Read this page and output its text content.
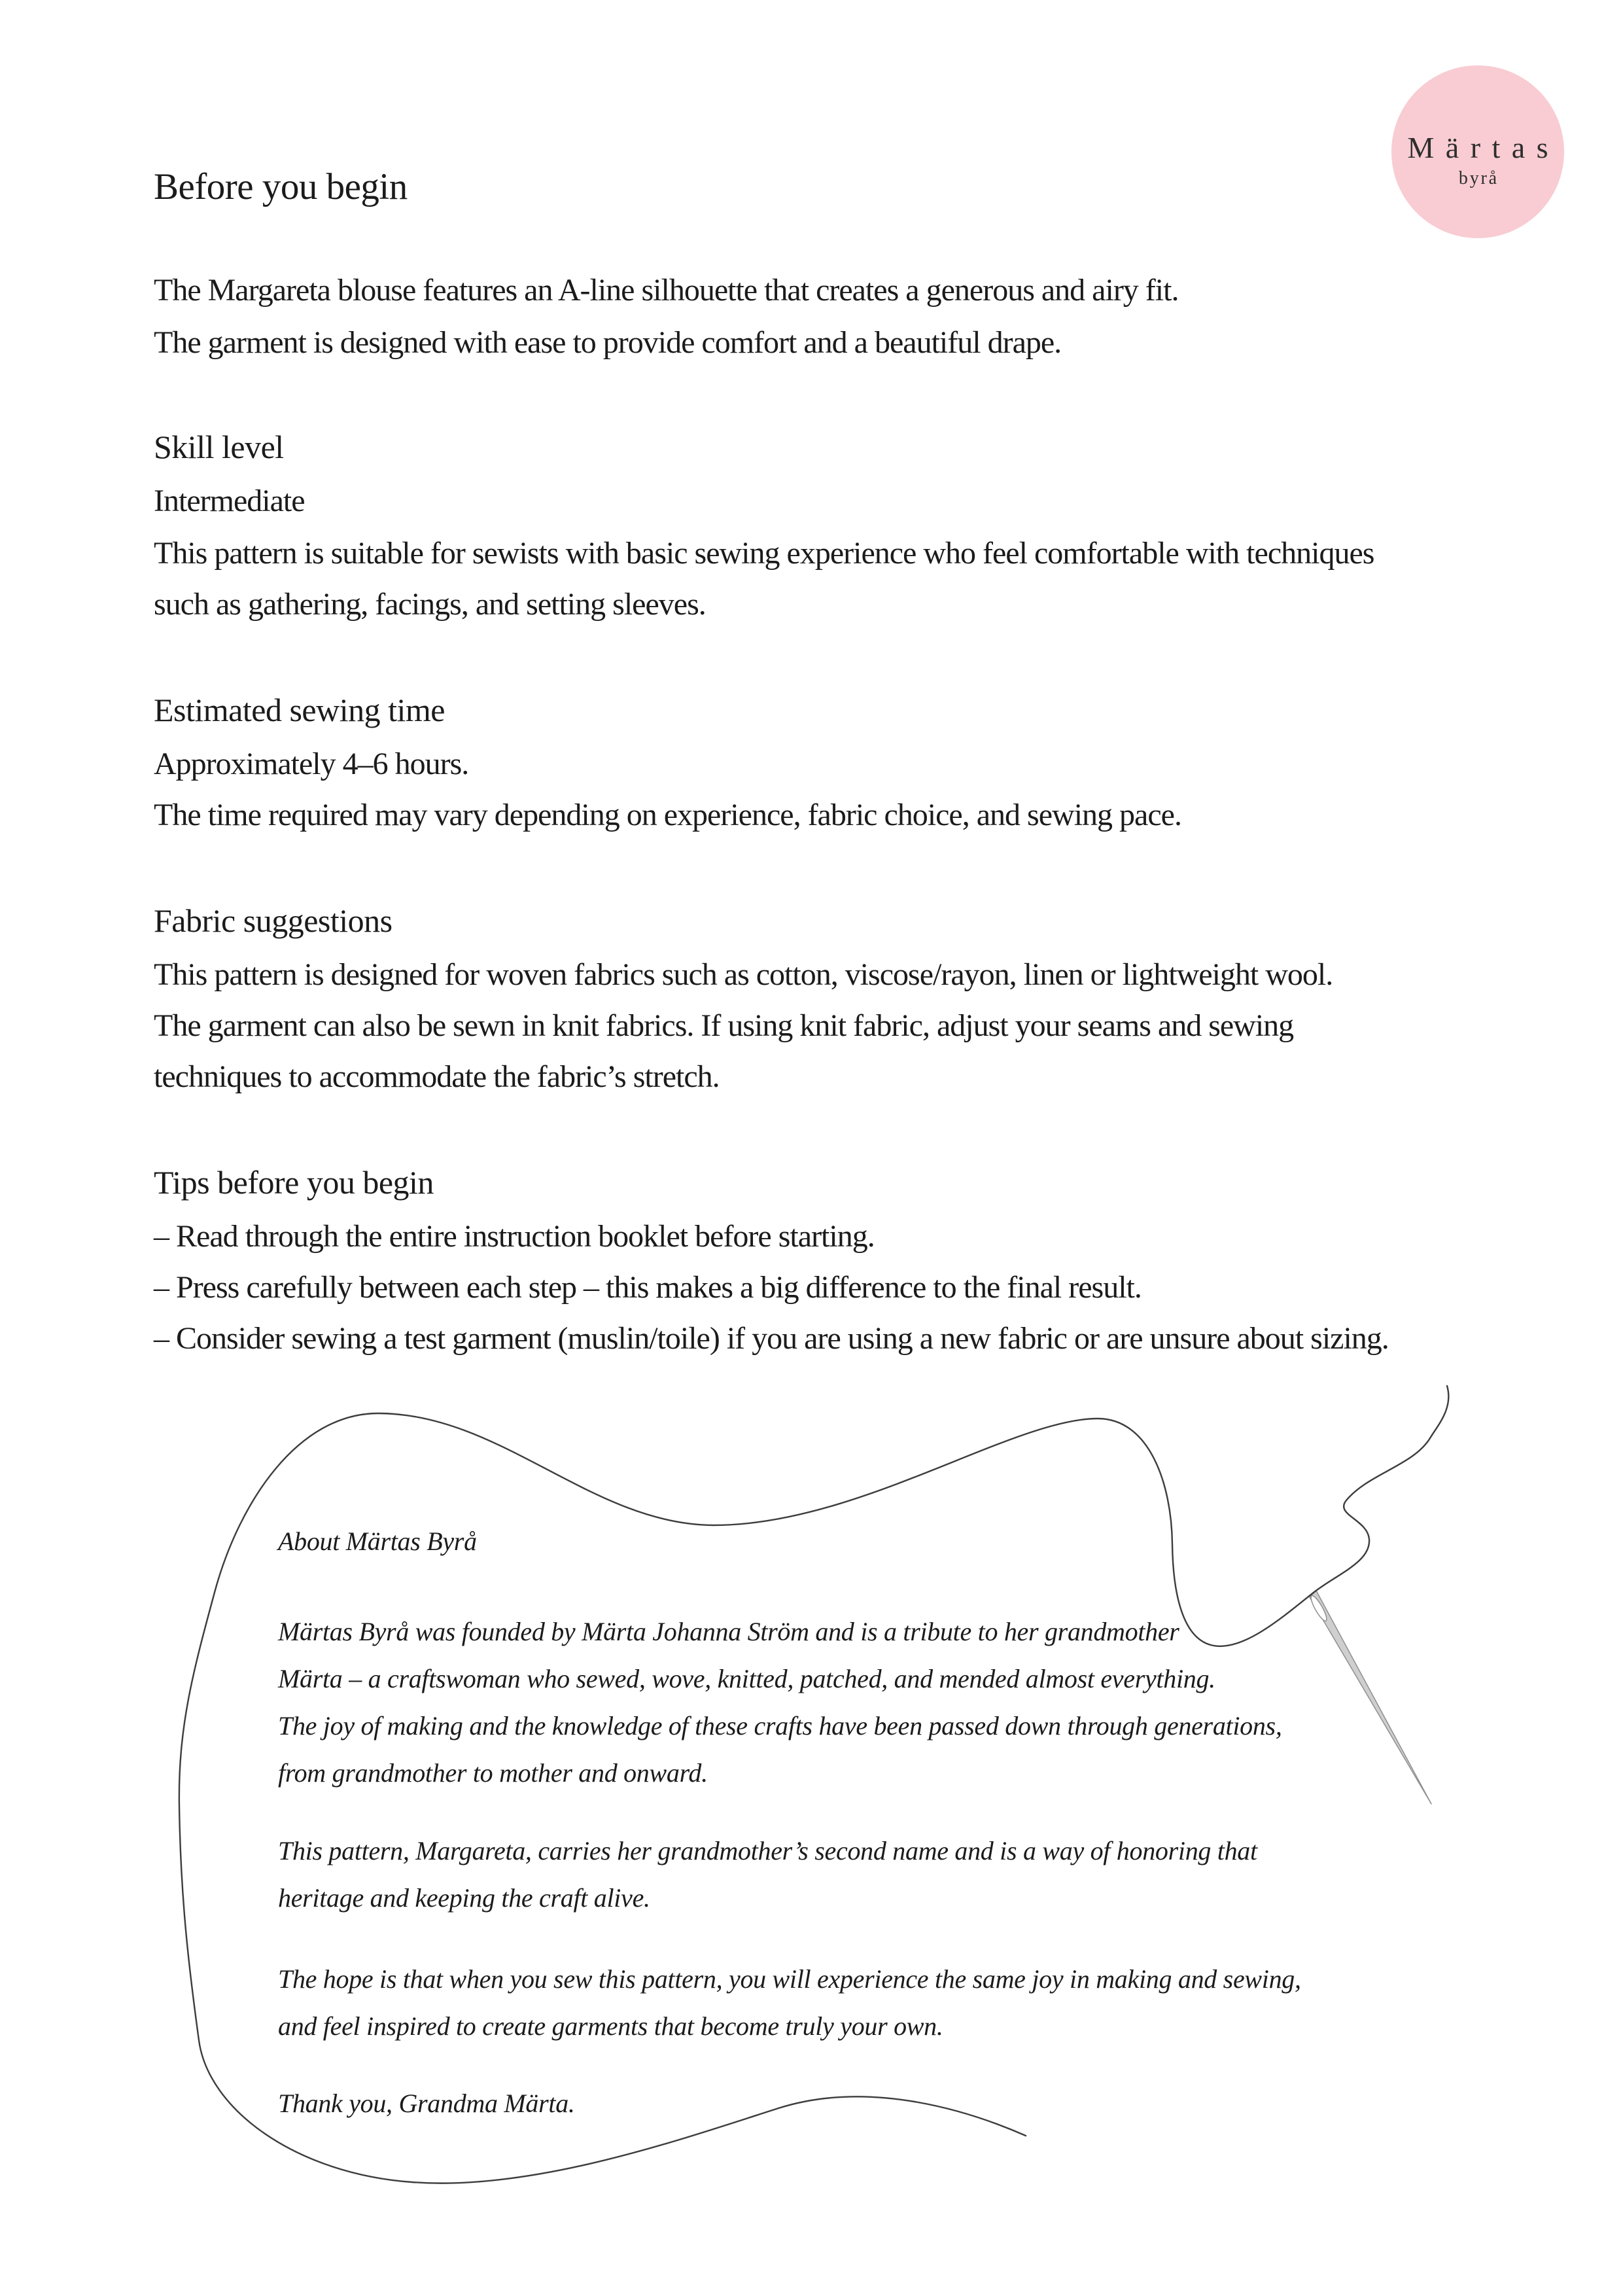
Märtas
byrå
Before you begin
The Margareta blouse features an A-line silhouette that creates a generous and airy fit.
The garment is designed with ease to provide comfort and a beautiful drape.
Skill level
Intermediate
This pattern is suitable for sewists with basic sewing experience who feel comfortable with techniques
such as gathering, facings, and setting sleeves.
Estimated sewing time
Approximately 4–6 hours.
The time required may vary depending on experience, fabric choice, and sewing pace.
Fabric suggestions
This pattern is designed for woven fabrics such as cotton, viscose/rayon, linen or lightweight wool.
The garment can also be sewn in knit fabrics. If using knit fabric, adjust your seams and sewing
techniques to accommodate the fabric’s stretch.
Tips before you begin
– Read through the entire instruction booklet before starting.
– Press carefully between each step – this makes a big difference to the final result.
– Consider sewing a test garment (muslin/toile) if you are using a new fabric or are unsure about sizing.
About Märtas Byrå
Märtas Byrå was founded by Märta Johanna Ström and is a tribute to her grandmother
Märta – a craftswoman who sewed, wove, knitted, patched, and mended almost everything.
The joy of making and the knowledge of these crafts have been passed down through generations,
from grandmother to mother and onward.
This pattern, Margareta, carries her grandmother’s second name and is a way of honoring that
heritage and keeping the craft alive.
The hope is that when you sew this pattern, you will experience the same joy in making and sewing,
and feel inspired to create garments that become truly your own.
Thank you, Grandma Märta.
